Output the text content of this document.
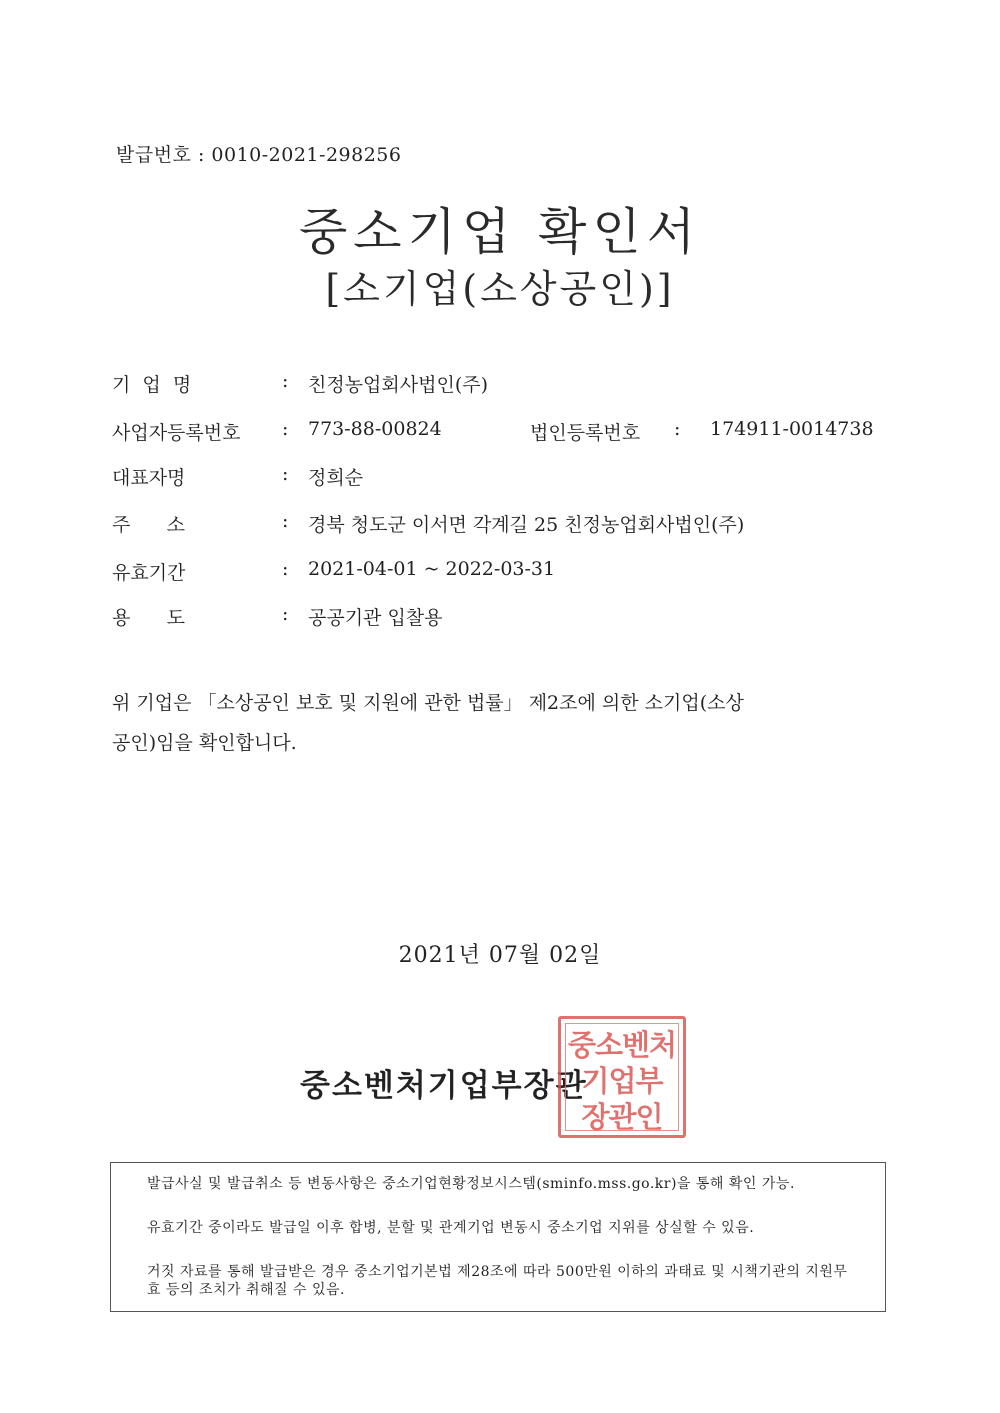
발급번호 : 0010-2021-298256
중소기업 확인서
[소기업(소상공인)]
기  업  명	: 친정농업회사법인(주)
사업자등록번호 : 773-88-00824	법인등록번호 : 174911-0014738
대표자명	: 정희순
주      소	: 경북 청도군 이서면 각계길 25 친정농업회사법인(주)
유효기간	: 2021-04-01 ~ 2022-03-31
용      도	: 공공기관 입찰용
위 기업은 「소상공인 보호 및 지원에 관한 법률」 제2조에 의한 소기업(소상
공인)임을 확인합니다.
2021년 07월 02일
중소벤처기업부장관
중소벤처
기업부
장관인
발급사실 및 발급취소 등 변동사항은 중소기업현황정보시스템(sminfo.mss.go.kr)을 통해 확인 가능.
유효기간 중이라도 발급일 이후 합병, 분할 및 관계기업 변동시 중소기업 지위를 상실할 수 있음.
거짓 자료를 통해 발급받은 경우 중소기업기본법 제28조에 따라 500만원 이하의 과태료 및 시책기관의 지원무효 등의 조치가 취해질 수 있음.
